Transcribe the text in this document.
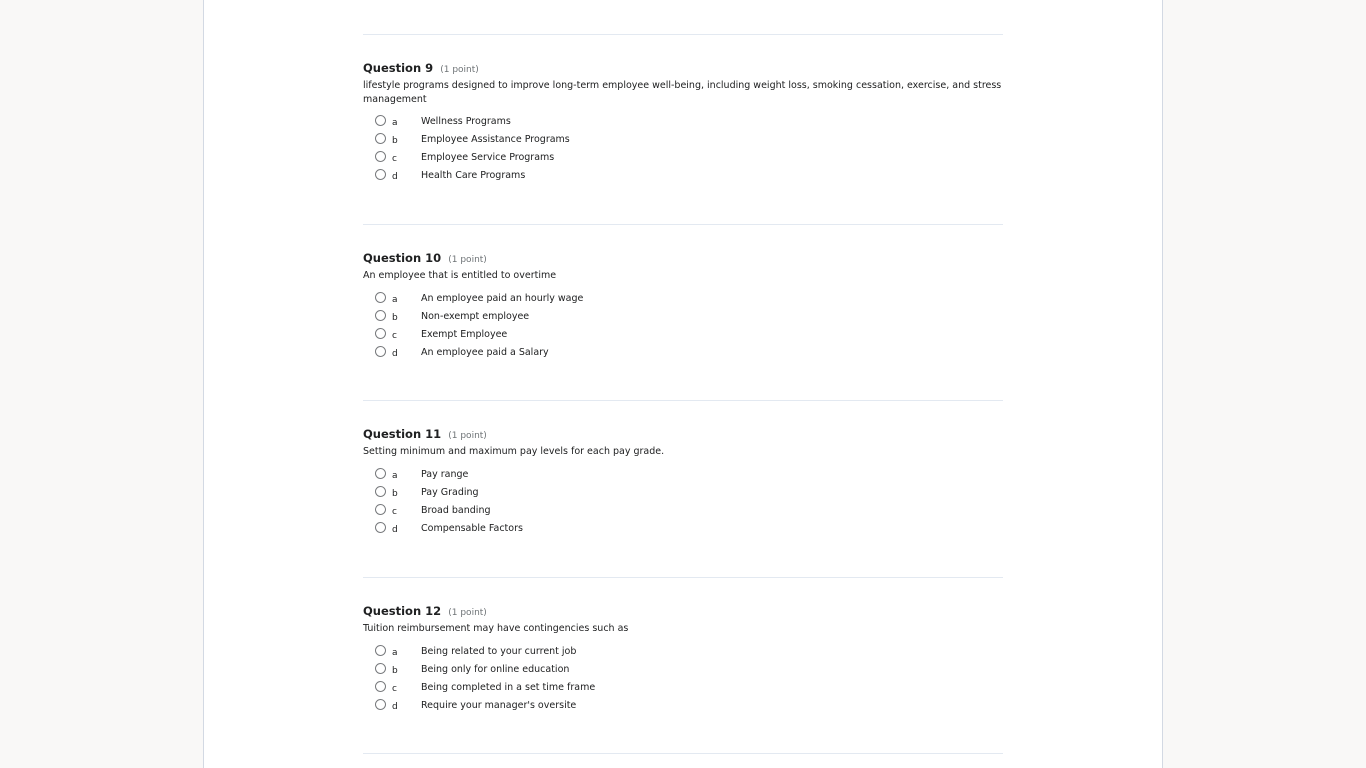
Question 9 (1 point)
lifestyle programs designed to improve long-term employee well-being, including weight loss, smoking cessation, exercise, and stress management
a Wellness Programs
b Employee Assistance Programs
c	Employee Service Programs
d Health Care Programs
Question 10 (1 point)
An employee that is entitled to overtime
a An employee paid an hourly wage
b Non-exempt employee
c	Exempt Employee
d An employee paid a Salary
Question 11 (1 point)
Setting minimum and maximum pay levels for each pay grade.
a Pay range
b Pay Grading
c	Broad banding
d Compensable Factors
Question 12 (1 point)
Tuition reimbursement may have contingencies such as
a Being related to your current job
b Being only for online education
c	Being completed in a set time frame
d Require your manager's oversite
